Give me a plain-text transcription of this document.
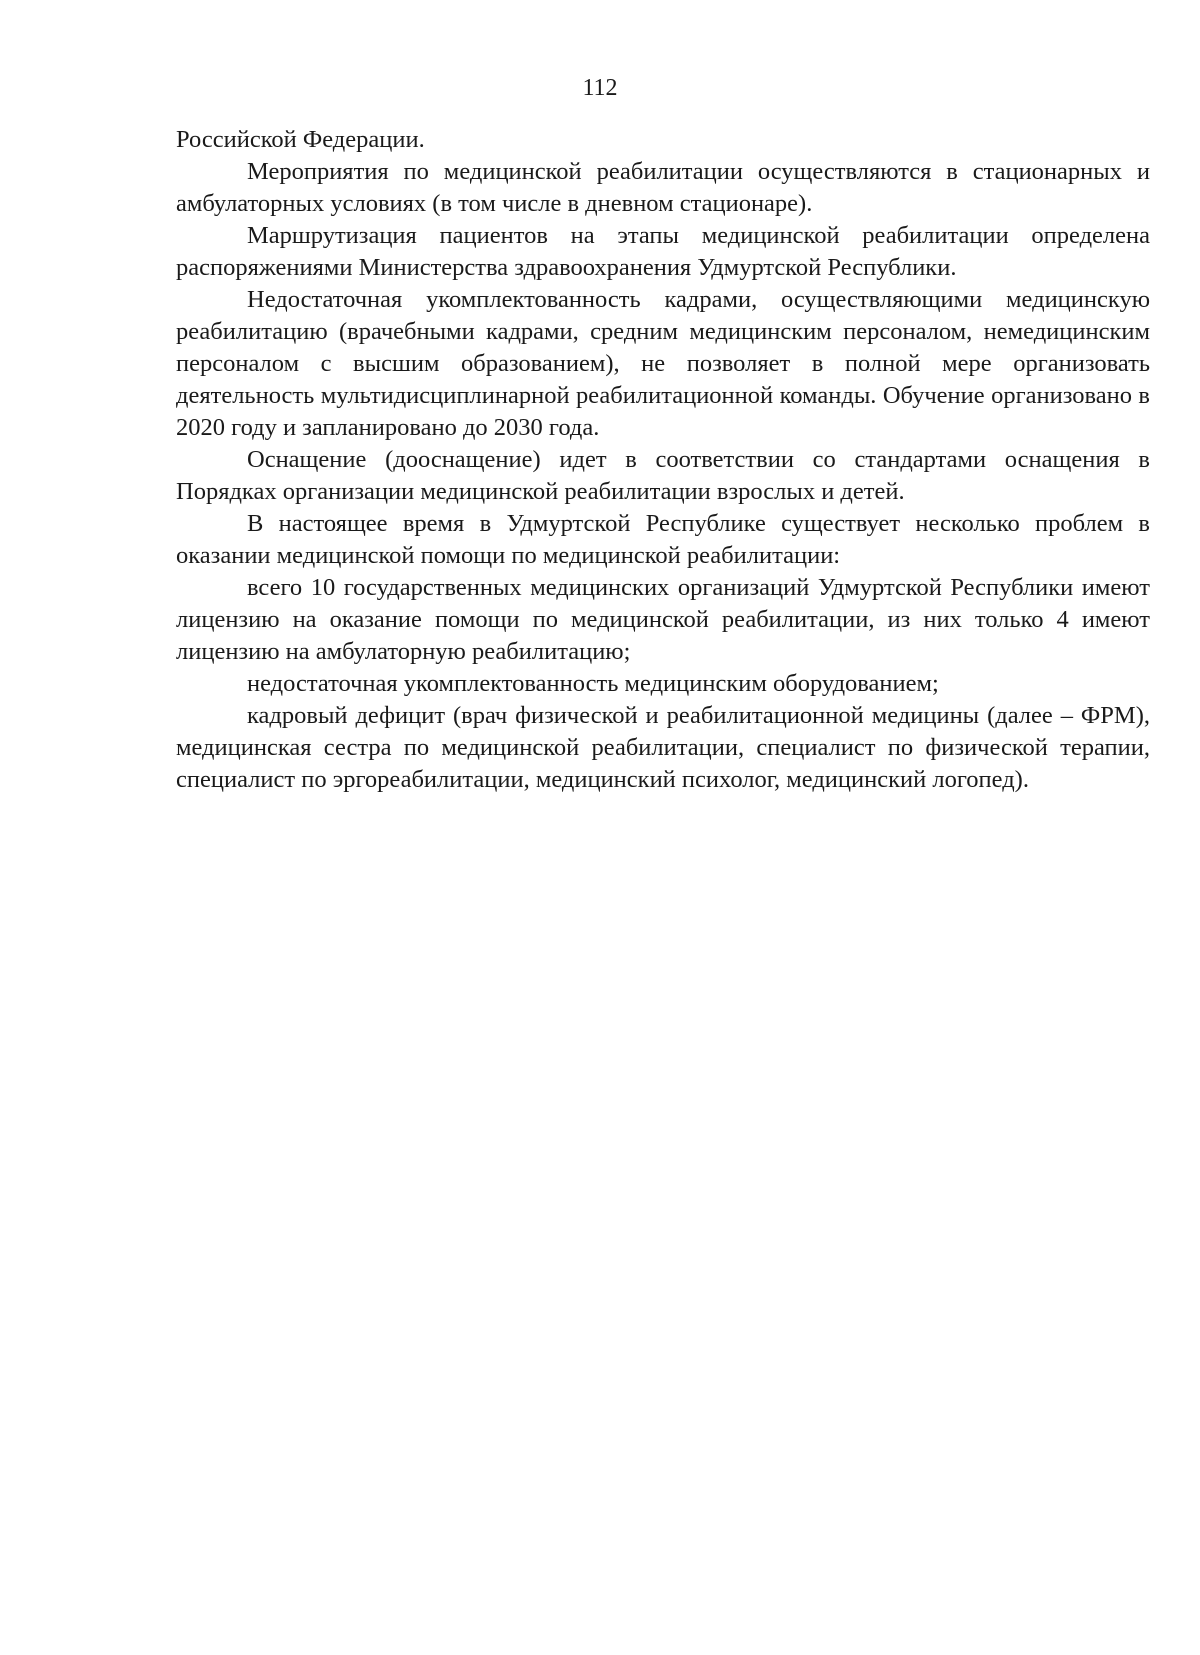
112

Российской Федерации.

Мероприятия по медицинской реабилитации осуществляются в стационарных и амбулаторных условиях (в том числе в дневном стационаре).

Маршрутизация пациентов на этапы медицинской реабилитации определена распоряжениями Министерства здравоохранения Удмуртской Республики.

Недостаточная укомплектованность кадрами, осуществляющими медицинскую реабилитацию (врачебными кадрами, средним медицинским персоналом, немедицинским персоналом с высшим образованием), не позволяет в полной мере организовать деятельность мультидисциплинарной реабилитационной команды. Обучение организовано в 2020 году и запланировано до 2030 года.

Оснащение (дооснащение) идет в соответствии со стандартами оснащения в Порядках организации медицинской реабилитации взрослых и детей.

В настоящее время в Удмуртской Республике существует несколько проблем в оказании медицинской помощи по медицинской реабилитации:

всего 10 государственных медицинских организаций Удмуртской Республики имеют лицензию на оказание помощи по медицинской реабилитации, из них только 4 имеют лицензию на амбулаторную реабилитацию;

недостаточная укомплектованность медицинским оборудованием;

кадровый дефицит (врач физической и реабилитационной медицины (далее – ФРМ), медицинская сестра по медицинской реабилитации, специалист по физической терапии, специалист по эргореабилитации, медицинский психолог, медицинский логопед).
